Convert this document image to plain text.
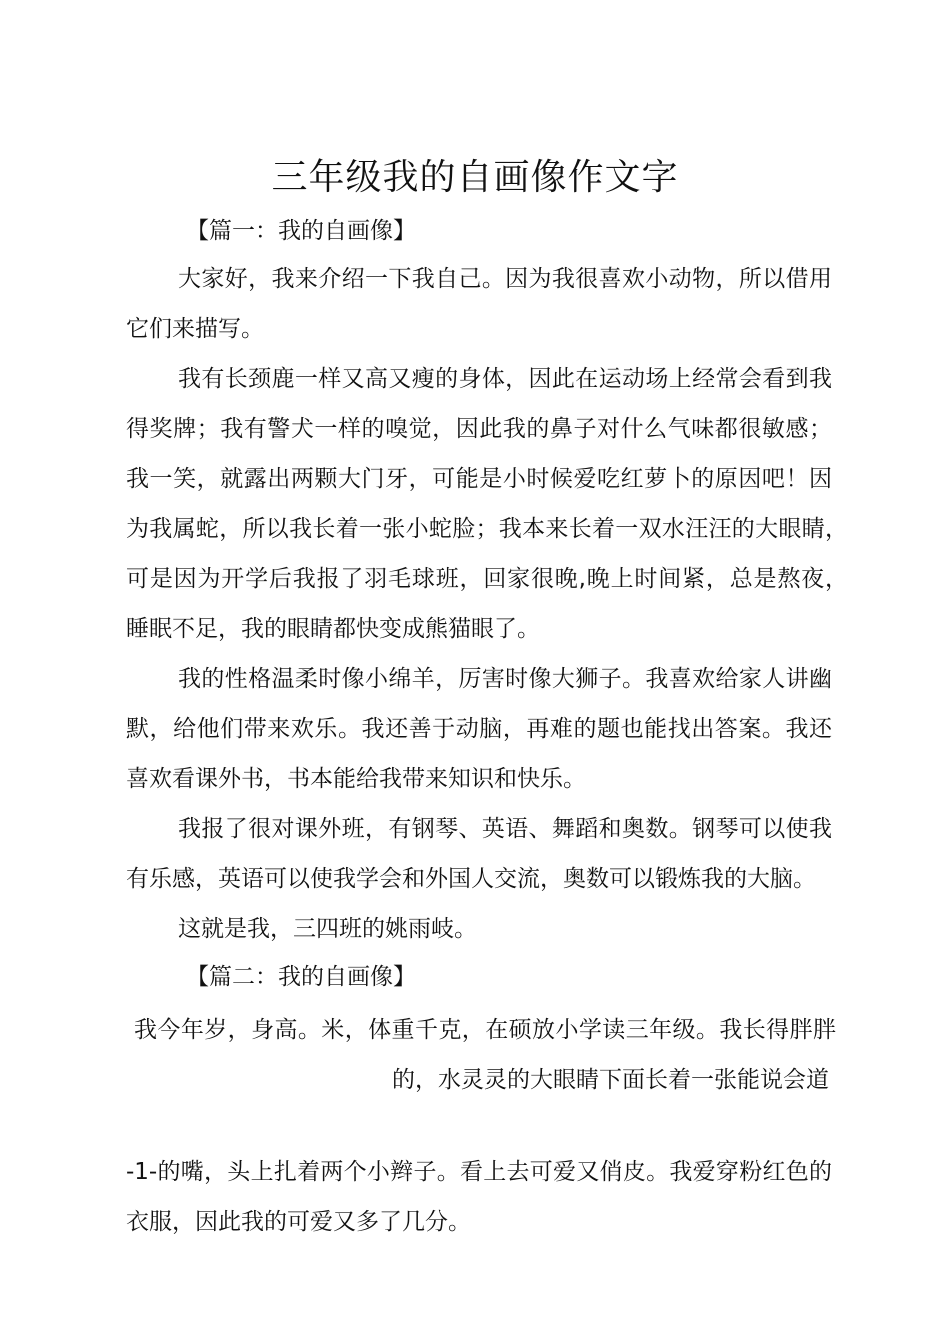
三年级我的自画像作文字
【篇一：我的自画像】
大家好，我来介绍一下我自己。因为我很喜欢小动物，所以借用
它们来描写。
我有长颈鹿一样又高又瘦的身体，因此在运动场上经常会看到我
得奖牌；我有警犬一样的嗅觉，因此我的鼻子对什么气味都很敏感；
我一笑，就露出两颗大门牙，可能是小时候爱吃红萝卜的原因吧！因
为我属蛇，所以我长着一张小蛇脸；我本来长着一双水汪汪的大眼睛，
可是因为开学后我报了羽毛球班，回家很晚,晚上时间紧，总是熬夜，
睡眠不足，我的眼睛都快变成熊猫眼了。
我的性格温柔时像小绵羊，厉害时像大狮子。我喜欢给家人讲幽
默，给他们带来欢乐。我还善于动脑，再难的题也能找出答案。我还
喜欢看课外书，书本能给我带来知识和快乐。
我报了很对课外班，有钢琴、英语、舞蹈和奥数。钢琴可以使我
有乐感，英语可以使我学会和外国人交流，奥数可以锻炼我的大脑。
这就是我，三四班的姚雨岐。
【篇二：我的自画像】
我今年岁，身高。米，体重千克，在硕放小学读三年级。我长得胖胖
的，水灵灵的大眼睛下面长着一张能说会道
-1-的嘴，头上扎着两个小辫子。看上去可爱又俏皮。我爱穿粉红色的
衣服，因此我的可爱又多了几分。
